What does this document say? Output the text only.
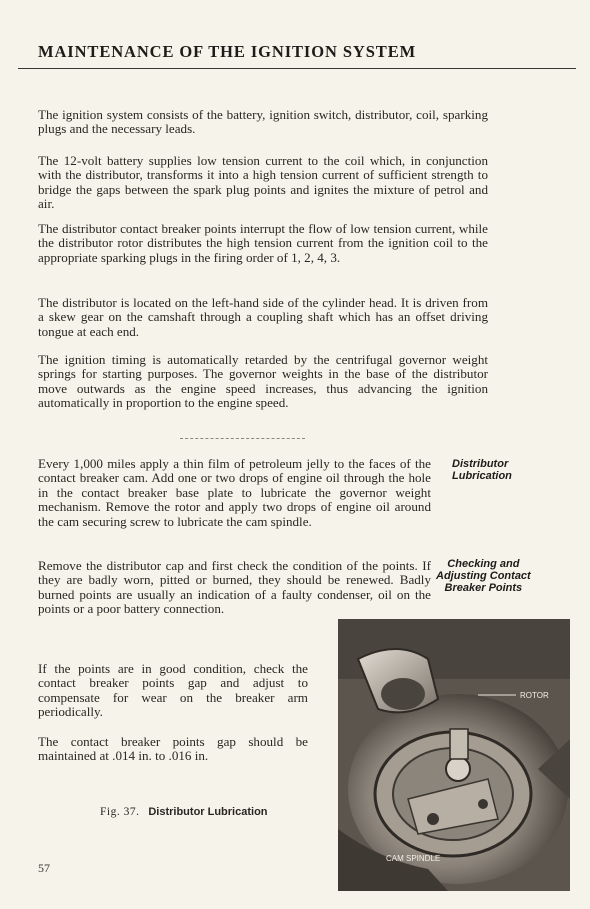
MAINTENANCE OF THE IGNITION SYSTEM

The ignition system consists of the battery, ignition switch, distributor, coil, sparking plugs and the necessary leads.

The 12-volt battery supplies low tension current to the coil which, in conjunction with the distributor, transforms it into a high tension current of sufficient strength to bridge the gaps between the spark plug points and ignites the mixture of petrol and air.

The distributor contact breaker points interrupt the flow of low tension current, while the distributor rotor distributes the high tension current from the ignition coil to the appropriate sparking plugs in the firing order of 1, 2, 4, 3.

The distributor is located on the left-hand side of the cylinder head. It is driven from a skew gear on the camshaft through a coupling shaft which has an offset driving tongue at each end.

The ignition timing is automatically retarded by the centrifugal governor weight springs for starting purposes. The governor weights in the base of the distributor move outwards as the engine speed increases, thus advancing the ignition automatically in proportion to the engine speed.

Every 1,000 miles apply a thin film of petroleum jelly to the faces of the contact breaker cam. Add one or two drops of engine oil through the hole in the contact breaker base plate to lubricate the governor weight mechanism. Remove the rotor and apply two drops of engine oil around the cam securing screw to lubricate the cam spindle.

Remove the distributor cap and first check the condition of the points. If they are badly worn, pitted or burned, they should be renewed. Badly burned points are usually an indication of a faulty condenser, oil on the points or a poor battery connection.

If the points are in good condition, check the contact breaker points gap and adjust to compensate for wear on the breaker arm periodically.

The contact breaker points gap should be maintained at .014 in. to .016 in.

Distributor
Lubrication
Checking and
Adjusting Contact
Breaker Points
ROTOR
CAM SPINDLE
Fig. 37. Distributor Lubrication
57
